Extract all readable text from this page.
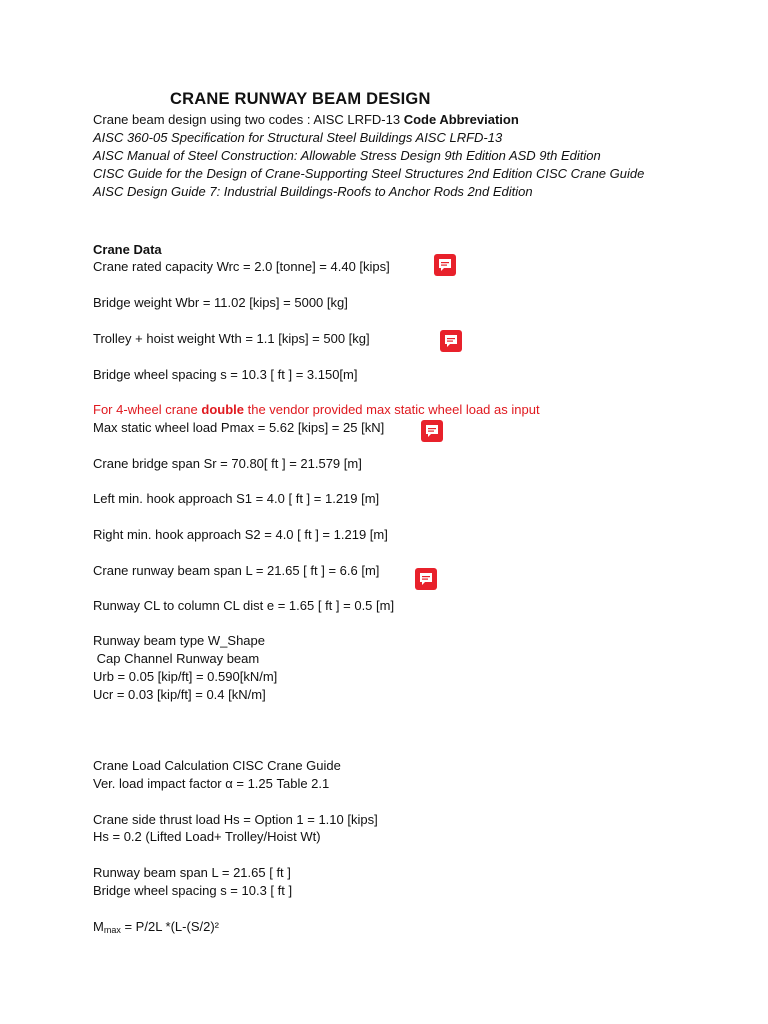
CRANE RUNWAY BEAM DESIGN

Crane beam design using two codes : AISC LRFD-13 Code Abbreviation

AISC 360-05 Specification for Structural Steel Buildings AISC LRFD-13

AISC Manual of Steel Construction: Allowable Stress Design 9th Edition ASD 9th Edition

CISC Guide for the Design of Crane-Supporting Steel Structures 2nd Edition CISC Crane Guide

AISC Design Guide 7: Industrial Buildings-Roofs to Anchor Rods 2nd Edition

Crane Data

Crane rated capacity Wrc = 2.0 [tonne] = 4.40 [kips]

Bridge weight Wbr = 11.02 [kips] = 5000 [kg]

Trolley + hoist weight Wth = 1.1 [kips] = 500 [kg]

Bridge wheel spacing s = 10.3 [ ft ] = 3.150[m]

For 4-wheel crane double the vendor provided max static wheel load as input

Max static wheel load Pmax = 5.62 [kips] = 25 [kN]

Crane bridge span Sr = 70.80[ ft ] = 21.579 [m]

Left min. hook approach S1 = 4.0 [ ft ] = 1.219 [m]

Right min. hook approach S2 = 4.0 [ ft ] = 1.219 [m]

Crane runway beam span L = 21.65 [ ft ] = 6.6 [m]

Runway CL to column CL dist e = 1.65 [ ft ] = 0.5 [m]

Runway beam type W_Shape

Cap Channel Runway beam

Urb = 0.05 [kip/ft] = 0.590[kN/m]

Ucr = 0.03 [kip/ft] = 0.4 [kN/m]

Crane Load Calculation CISC Crane Guide

Ver. load impact factor α = 1.25 Table 2.1

Crane side thrust load Hs = Option 1 = 1.10 [kips]

Hs = 0.2 (Lifted Load+ Trolley/Hoist Wt)

Runway beam span L = 21.65 [ ft ]

Bridge wheel spacing s = 10.3 [ ft ]

$M_{max} = P/2L$ *(L-(S/2)²
